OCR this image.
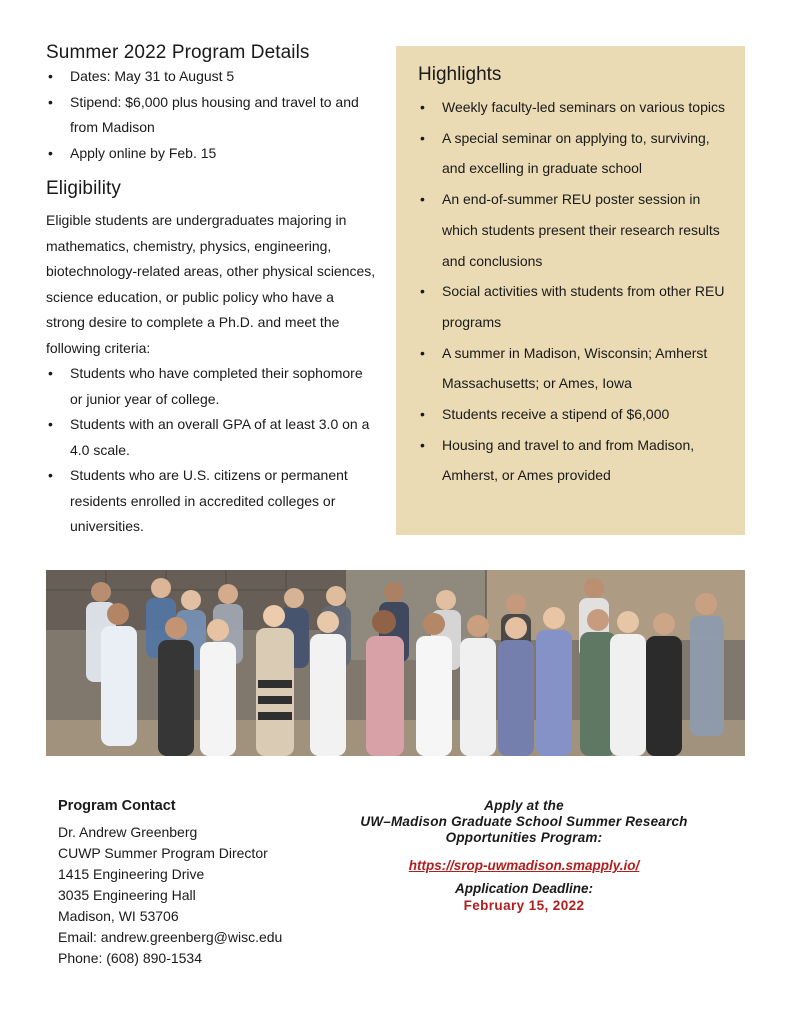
Summer 2022 Program Details
• Dates: May 31 to August 5
• Stipend: $6,000 plus housing and travel to and from Madison
• Apply online by Feb. 15
Eligibility

Eligible students are undergraduates majoring in mathematics, chemistry, physics, engineering, biotechnology-related areas, other physical sciences, science education, or public policy who have a strong desire to complete a Ph.D. and meet the following criteria:

• Students who have completed their sophomore or junior year of college.
• Students with an overall GPA of at least 3.0 on a 4.0 scale.
• Students who are U.S. citizens or permanent residents enrolled in accredited colleges or universities.
Highlights
• Weekly faculty-led seminars on various topics
• A special seminar on applying to, surviving, and excelling in graduate school
• An end-of-summer REU poster session in which students present their research results and conclusions
• Social activities with students from other REU programs
• A summer in Madison, Wisconsin; Amherst Massachusetts; or Ames, Iowa
• Students receive a stipend of $6,000
• Housing and travel to and from Madison, Amherst, or Ames provided
Program Contact

Dr. Andrew Greenberg

CUWP Summer Program Director

1415 Engineering Drive

3035 Engineering Hall

Madison, WI 53706

Email: andrew.greenberg@wisc.edu

Phone: (608) 890-1534

Apply at the

UW–Madison Graduate School Summer Research

Opportunities Program:

https://srop-uwmadison.smapply.io/

Application Deadline:

February 15, 2022
